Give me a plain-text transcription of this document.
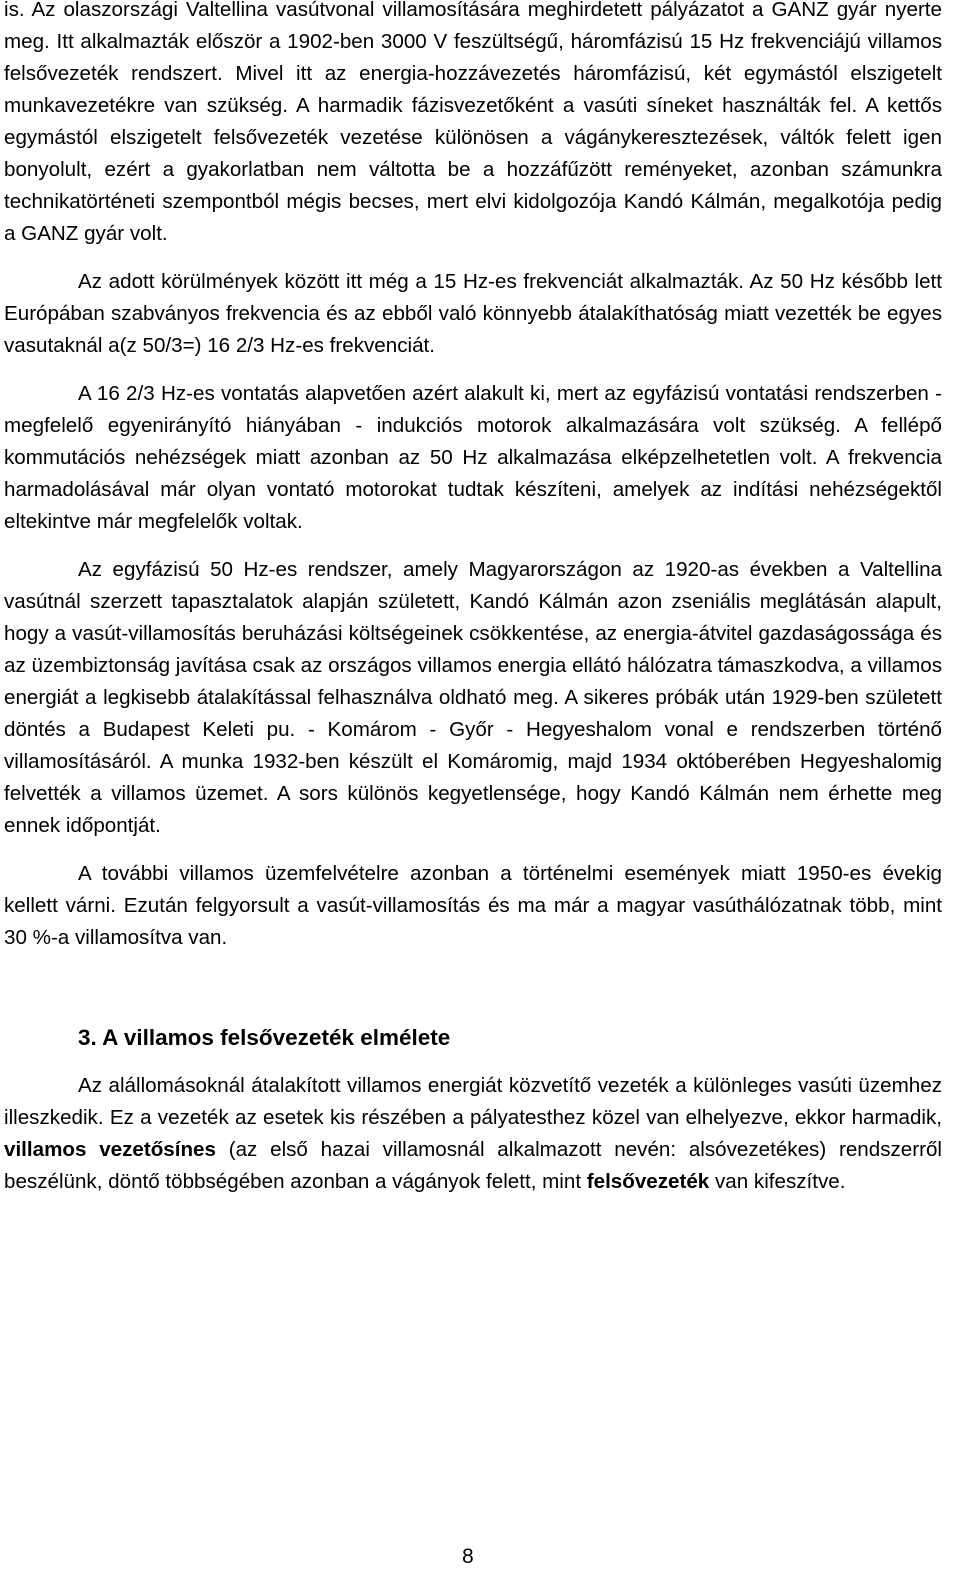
is. Az olaszországi Valtellina vasútvonal villamosítására meghirdetett pályázatot a GANZ gyár nyerte meg. Itt alkalmazták először a 1902-ben 3000 V feszültségű, háromfázisú 15 Hz frekvenciájú villamos felsővezeték rendszert. Mivel itt az energia-hozzávezetés háromfázisú, két egymástól elszigetelt munkavezetékre van szükség. A harmadik fázisvezetőként a vasúti síneket használták fel. A kettős egymástól elszigetelt felsővezeték vezetése különösen a vágánykeresztezések, váltók felett igen bonyolult, ezért a gyakorlatban nem váltotta be a hozzáfűzött reményeket, azonban számunkra technikatörténeti szempontból mégis becses, mert elvi kidolgozója Kandó Kálmán, megalkotója pedig a GANZ gyár volt.

Az adott körülmények között itt még a 15 Hz-es frekvenciát alkalmazták. Az 50 Hz később lett Európában szabványos frekvencia és az ebből való könnyebb átalakíthatóság miatt vezették be egyes vasutaknál a(z 50/3=) 16 2/3 Hz-es frekvenciát.

A 16 2/3 Hz-es vontatás alapvetően azért alakult ki, mert az egyfázisú vontatási rendszerben - megfelelő egyenirányító hiányában - indukciós motorok alkalmazására volt szükség. A fellépő kommutációs nehézségek miatt azonban az 50 Hz alkalmazása elképzelhetetlen volt. A frekvencia harmadolásával már olyan vontató motorokat tudtak készíteni, amelyek az indítási nehézségektől eltekintve már megfelelők voltak.

Az egyfázisú 50 Hz-es rendszer, amely Magyarországon az 1920-as években a Valtellina vasútnál szerzett tapasztalatok alapján született, Kandó Kálmán azon zseniális meglátásán alapult, hogy a vasút-villamosítás beruházási költségeinek csökkentése, az energia-átvitel gazdaságossága és az üzembiztonság javítása csak az országos villamos energia ellátó hálózatra támaszkodva, a villamos energiát a legkisebb átalakítással felhasználva oldható meg. A sikeres próbák után 1929-ben született döntés a Budapest Keleti pu. - Komárom - Győr - Hegyeshalom vonal e rendszerben történő villamosításáról. A munka 1932-ben készült el Komáromig, majd 1934 októberében Hegyeshalomig felvették a villamos üzemet. A sors különös kegyetlensége, hogy Kandó Kálmán nem érhette meg ennek időpontját.

A további villamos üzemfelvételre azonban a történelmi események miatt 1950-es évekig kellett várni. Ezután felgyorsult a vasút-villamosítás és ma már a magyar vasúthálózatnak több, mint 30 %-a villamosítva van.

3. A villamos felsővezeték elmélete

Az alállomásoknál átalakított villamos energiát közvetítő vezeték a különleges vasúti üzemhez illeszkedik. Ez a vezeték az esetek kis részében a pályatesthez közel van elhelyezve, ekkor harmadik, villamos vezetősínes (az első hazai villamosnál alkalmazott nevén: alsóvezetékes) rendszerről beszélünk, döntő többségében azonban a vágányok felett, mint felsővezeték van kifeszítve.

8
